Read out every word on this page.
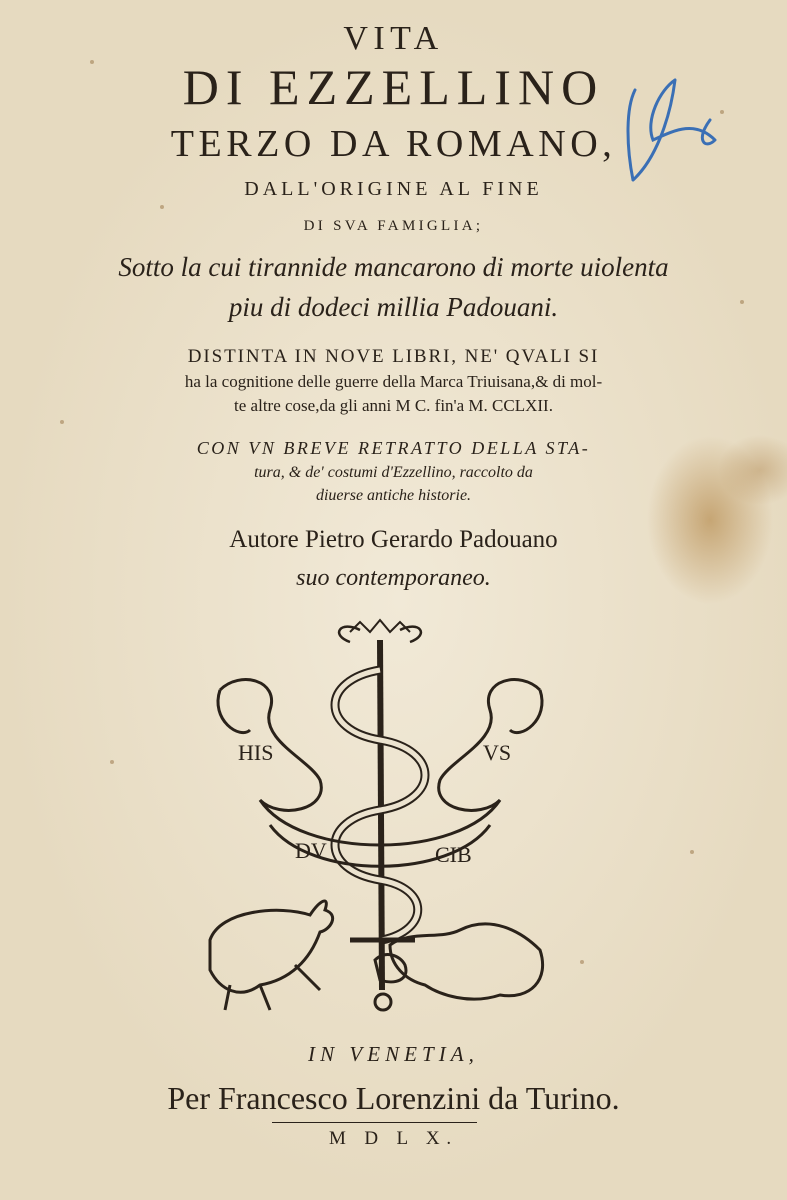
VITA
DI EZZELLINO
TERZO DA ROMANO,
DALL'ORIGINE AL FINE
DI SVA FAMIGLIA;
Sotto la cui tirannide mancarono di morte uiolenta
piu di dodeci millia Padouani.
DISTINTA IN NOVE LIBRI, NE' QVALI SI
ha la cognitione delle guerre della Marca Triuisana,& di mol-
te altre cose,da gli anni M C. fin'a M. CCLXII.
CON VN BREVE RETRATTO DELLA STA-
tura, & de' costumi d'Ezzellino, raccolto da
diuerse antiche historie.
Autore Pietro Gerardo Padouano
suo contemporaneo.
HIS	VS
DV	CIB
IN VENETIA,
Per Francesco Lorenzini da Turino.
M D L X.
